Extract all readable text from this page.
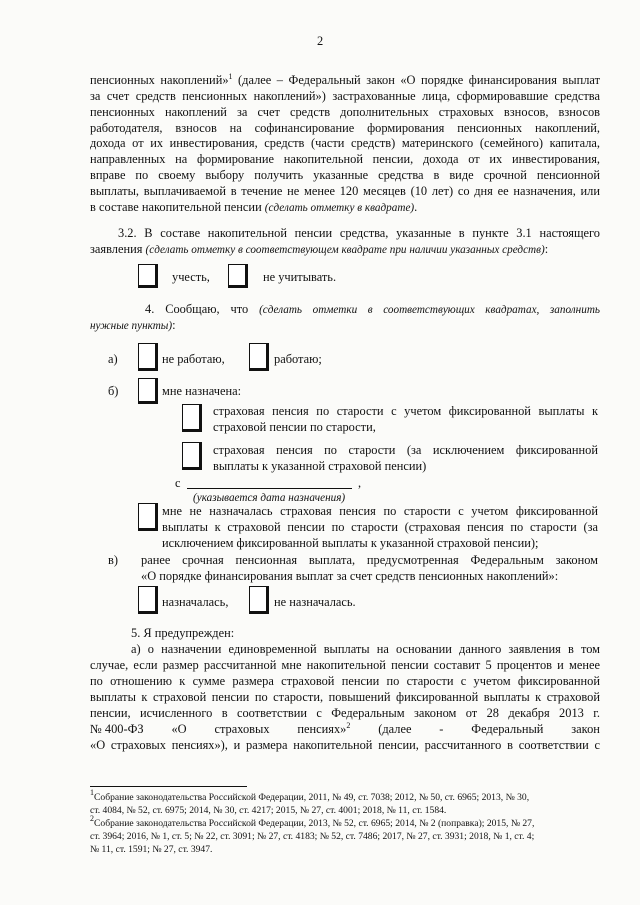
2
пенсионных накоплений»$^1$ (далее – Федеральный закон «О порядке финансирования выплат
за счет средств пенсионных накоплений») застрахованные лица, сформировавшие средства
пенсионных накоплений за счет средств дополнительных страховых взносов, взносов
работодателя, взносов на софинансирование формирования пенсионных накоплений,
дохода от их инвестирования, средств (части средств) материнского (семейного) капитала,
направленных на формирование накопительной пенсии, дохода от их инвестирования,
вправе по своему выбору получить указанные средства в виде срочной пенсионной
выплаты, выплачиваемой в течение не менее 120 месяцев (10 лет) со дня ее назначения, или
в составе накопительной пенсии (сделать отметку в квадрате).
3.2. В составе накопительной пенсии средства, указанные в пункте 3.1 настоящего
заявления (сделать отметку в соответствующем квадрате при наличии указанных средств):
учесть,	не учитывать.
4. Сообщаю, что (сделать отметки в соответствующих квадратах, заполнить
нужные пункты):
а)	не работаю,	работаю;
б)	мне назначена:
страховая пенсия по старости с учетом фиксированной выплаты к
страховой пенсии по старости,
страховая пенсия по старости (за исключением фиксированной
выплаты к указанной страховой пенсии)
с	,
(указывается дата назначения)
мне не назначалась страховая пенсия по старости с учетом фиксированной
выплаты к страховой пенсии по старости (страховая пенсия по старости (за
исключением фиксированной выплаты к указанной страховой пенсии);
в) ранее срочная пенсионная выплата, предусмотренная Федеральным законом
«О порядке финансирования выплат за счет средств пенсионных накоплений»:
назначалась,	не назначалась.
5. Я предупрежден:
а) о назначении единовременной выплаты на основании данного заявления в том
случае, если размер рассчитанной мне накопительной пенсии составит 5 процентов и менее
по отношению к сумме размера страховой пенсии по старости с учетом фиксированной
выплаты к страховой пенсии по старости, повышений фиксированной выплаты к страховой
пенсии, исчисленного в соответствии с Федеральным законом от 28 декабря 2013 г.
№ 400-ФЗ «О страховых пенсиях»$^2$ (далее - Федеральный закон
«О страховых пенсиях»), и размера накопительной пенсии, рассчитанного в соответствии с
$^1$Собрание законодательства Российской Федерации, 2011, № 49, ст. 7038; 2012, № 50, ст. 6965; 2013, № 30,
ст. 4084, № 52, ст. 6975; 2014, № 30, ст. 4217; 2015, № 27, ст. 4001; 2018, № 11, ст. 1584.
$^2$Собрание законодательства Российской Федерации, 2013, № 52, ст. 6965; 2014, № 2 (поправка); 2015, № 27,
ст. 3964; 2016, № 1, ст. 5; № 22, ст. 3091; № 27, ст. 4183; № 52, ст. 7486; 2017, № 27, ст. 3931; 2018, № 1, ст. 4;
№ 11, ст. 1591; № 27, ст. 3947.
